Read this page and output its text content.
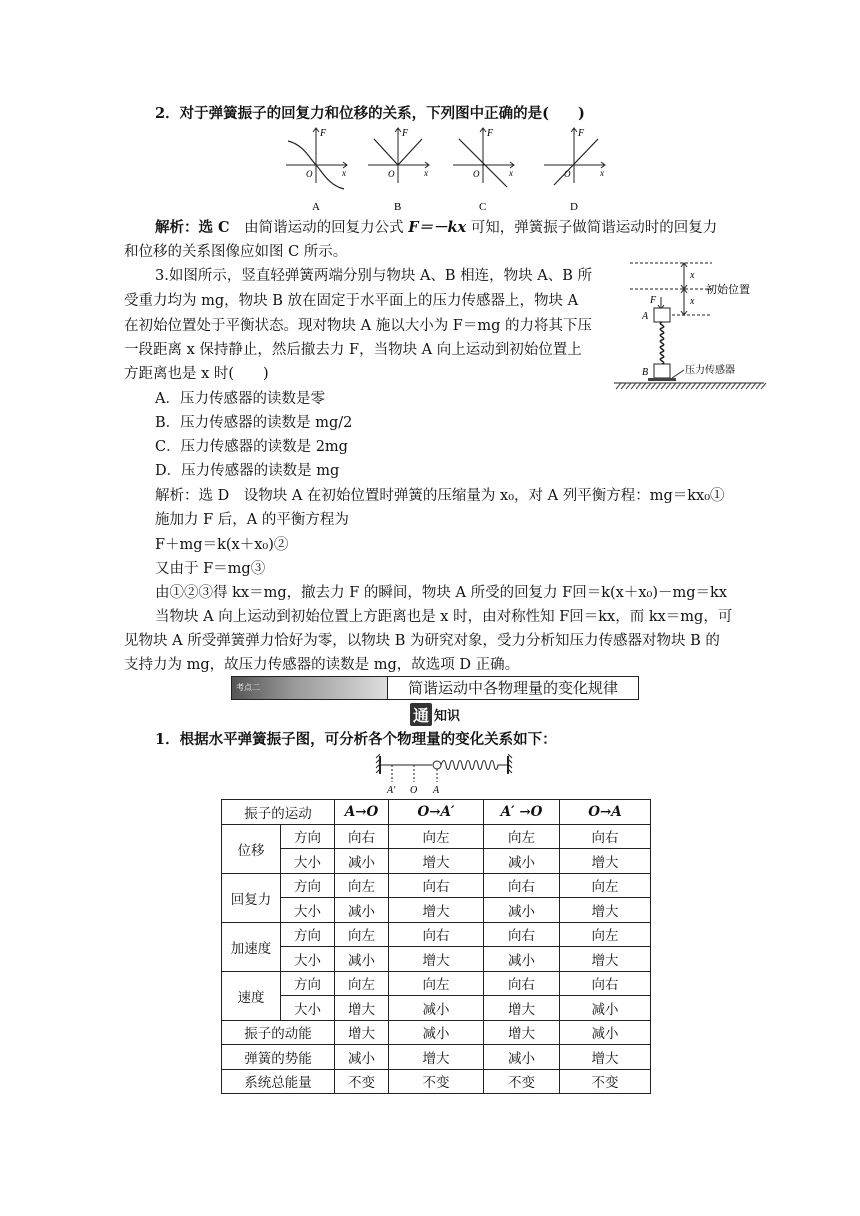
2．对于弹簧振子的回复力和位移的关系，下列图中正确的是(　　)
F
x
O
A
F
x
O
B
F
x
O
C
F
x
O
D
解析：选 C　由简谐运动的回复力公式 F＝－kx 可知，弹簧振子做简谐运动时的回复力
和位移的关系图像应如图 C 所示。
3.如图所示，竖直轻弹簧两端分别与物块 A、B 相连，物块 A、B 所
受重力均为 mg，物块 B 放在固定于水平面上的压力传感器上，物块 A
在初始位置处于平衡状态。现对物块 A 施以大小为 F＝mg 的力将其下压
一段距离 x 保持静止，然后撤去力 F，当物块 A 向上运动到初始位置上
方距离也是 x 时(　　)
x
x
初始位置
F
A
B	压力传感器
A．压力传感器的读数是零
B．压力传感器的读数是 mg/2
C．压力传感器的读数是 2mg
D．压力传感器的读数是 mg
解析：选 D　设物块 A 在初始位置时弹簧的压缩量为 x₀，对 A 列平衡方程：mg＝kx₀①
施加力 F 后，A 的平衡方程为
F＋mg＝k(x＋x₀)②
又由于 F＝mg③
由①②③得 kx＝mg，撤去力 F 的瞬间，物块 A 所受的回复力 F回＝k(x＋x₀)－mg＝kx
当物块 A 向上运动到初始位置上方距离也是 x 时，由对称性知 F回＝kx，而 kx＝mg，可
见物块 A 所受弹簧弹力恰好为零，以物块 B 为研究对象，受力分析知压力传感器对物块 B 的
支持力为 mg，故压力传感器的读数是 mg，故选项 D 正确。
考点二	简谐运动中各物理量的变化规律
通 知识
1．根据水平弹簧振子图，可分析各个物理量的变化关系如下：
A′ O A
振子的运动		A→O	O→A′	A′ →O	O→A
位移	方向	向右	向左	向左	向右
	大小	减小	增大	减小	增大
回复力	方向	向左	向右	向右	向左
	大小	减小	增大	减小	增大
加速度	方向	向左	向右	向右	向左
	大小	减小	增大	减小	增大
速度	方向	向左	向左	向右	向右
	大小	增大	减小	增大	减小
振子的动能		增大	减小	增大	减小
弹簧的势能		减小	增大	减小	增大
系统总能量		不变	不变	不变	不变
